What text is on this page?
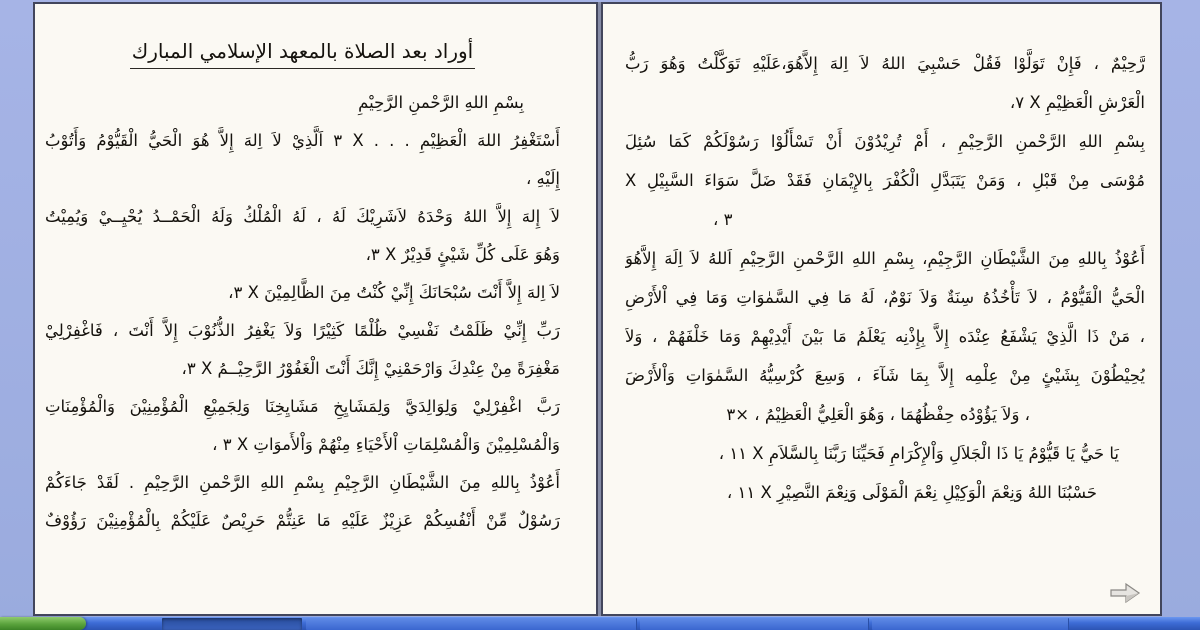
أوراد بعد الصلاة بالمعهد الإسلامي المبارك
بِسْمِ اللهِ الرَّحْمنِ الرَّحِيْمِ
أَسْتَغْفِرُ اللهَ الْعَظِيْمِ . . . X ٣ اَلَّذِيْ لاَ اِلهَ إِلاَّ هُوَ الْحَيُّ الْقَيُّوْمُ وَأَتُوْبُ
إِلَيْهِ ،
لاَ إِلهَ إِلاَّ اللهُ وَحْدَهُ لاَشَرِيْكَ لَهُ ، لَهُ الْمُلْكُ وَلَهُ الْحَمْــدُ يُحْيِــيْ وَيُمِيْتُ
وَهُوَ عَلَى كُلِّ شَيْئٍ قَدِيْرٌ X ٣،
لاَ اِلهَ إِلاَّ أَنْتَ سُبْحَانَكَ إِنِّيْ كُنْتُ مِنَ الظَّالِمِيْنَ X ٣،
رَبِّ إِنِّيْ ظَلَمْتُ نَفْسِيْ ظُلْمًا كَثِيْرًا وَلاَ يَغْفِرُ الذُّنُوْبَ إِلاَّ أَنْتَ ، فَاغْفِرْلِيْ
مَغْفِرَةً مِنْ عِنْدِكَ وَارْحَمْنِيْ إِنَّكَ أَنْتَ الْغَفُوْرُ الرَّحِيْــمُ X ٣،
رَبَّ اغْفِرْلِيْ وَلِوَالِدَيَّ وَلِمَشَايِخِ مَشَايِخِنَا وَلِجَمِيْعِ الْمُؤْمِنِيْنَ وَالْمُؤْمِنَاتِ
وَالْمُسْلِمِيْنَ وَالْمُسْلِمَاتِ اْلأَحْيَاءِ مِنْهُمْ وَاْلأَموَاتِ X ٣ ،
أَعُوْذُ بِاللهِ مِنَ الشَّيْطَانِ الرَّجِيْمِ بِسْمِ اللهِ الرَّحْمنِ الرَّحِيْمِ . لَقَدْ جَاءَكُمْ
رَسُوْلٌ مِّنْ أَنْفُسِكُمْ عَزِيْزٌ عَلَيْهِ مَا عَنِتُّمْ حَرِيْصٌ عَلَيْكُمْ بِالْمُؤْمِنِيْنَ رَؤُوْفٌ
رَّحِيْمٌ ، فَإِنْ تَوَلَّوْا فَقُلْ حَسْبِيَ اللهُ لاَ اِلهَ إِلاَّهُوَ،عَلَيْهِ تَوَكَّلْتُ وَهُوَ رَبُّ
الْعَرْشِ الْعَظِيْمِ X ٧،
بِسْمِ اللهِ الرَّحْمنِ الرَّحِيْمِ ، أَمْ تُرِيْدُوْنَ أَنْ تَسْأَلُوْا رَسُوْلَكُمْ كَمَا سُئِلَ
مُوْسَى مِنْ قَبْلِ ، وَمَنْ يَتَبَدَّلِ الْكُفْرَ بِالإِيْمَانِ فَقَدْ ضَلَّ سَوَاءَ السَّبِيْلِ X
٣ ،
أَعُوْذُ بِاللهِ مِنَ الشَّيْطَانِ الرَّجِيْمِ، بِسْمِ اللهِ الرَّحْمنِ الرَّحِيْمِ اَللهُ لاَ اِلَهَ إِلاَّهُوَ
الْحَيُّ الْقَيُّوْمُ ، لاَ تَأْخُذُهُ سِنَةٌ وَلاَ نَوْمٌ، لَهُ مَا فِي السَّمٰوَاتِ وَمَا فِي اْلأَرْضِ
، مَنْ ذَا الَّذِيْ يَشْفَعُ عِنْدَه إِلاَّ بِإِذْنِه يَعْلَمُ مَا بَيْنَ أَيْدِيْهِمْ وَمَا خَلْفَهُمْ ، وَلاَ
يُحِيْطُوْنَ بِشَيْئٍ مِنْ عِلْمِه إِلاَّ بِمَا شَآءَ ، وَسِعَ كُرْسِيُّهُ السَّمٰوَاتِ وَاْلأَرْضَ
، وَلاَ يَؤُوْدُه حِفْظُهُمَا ، وَهُوَ الْعَلِيُّ الْعَظِيْمُ ، ×٣
يَا حَيُّ يَا قَيُّوْمُ يَا ذَا الْجَلاَلِ وَاْلإِكْرَامِ فَحَيِّنَا رَبَّنَا بِالسَّلاَمِ X ١١ ،
حَسْبُنَا اللهُ وَنِعْمَ الْوَكِيْلِ نِعْمَ الْمَوْلَى وَنِعْمَ النَّصِيْرِ X ١١ ،
